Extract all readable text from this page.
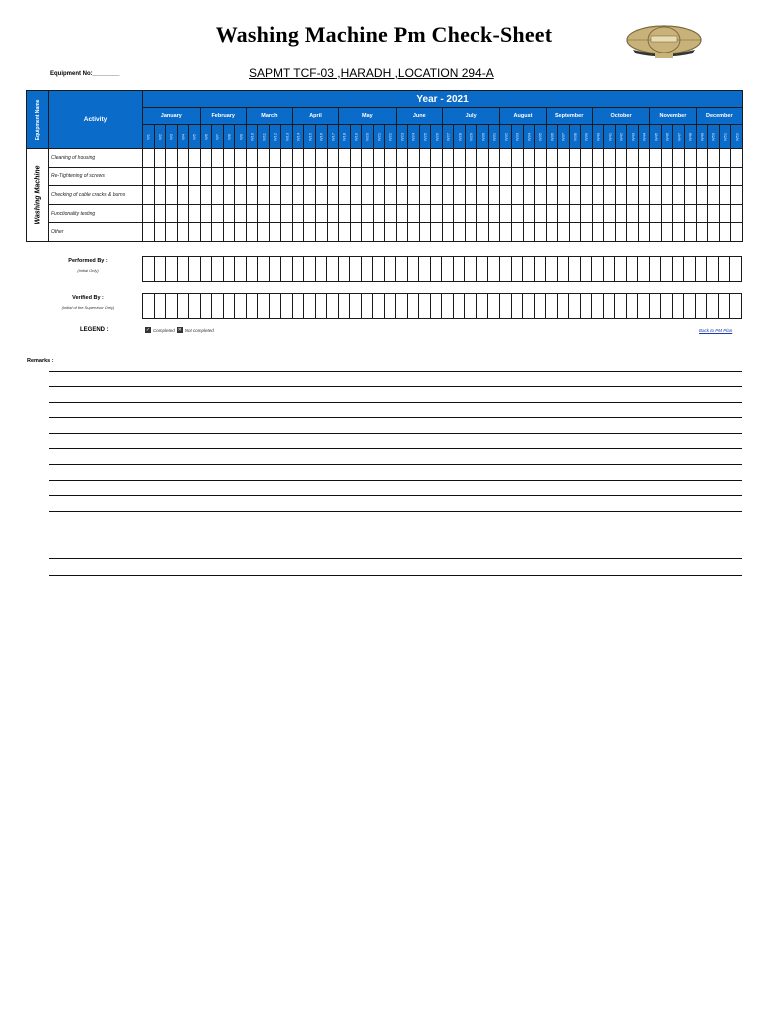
Washing Machine Pm Check-Sheet
Equipment No:________	SAPMT TCF-03 ,HARADH ,LOCATION 294-A
Equipment Name	Activity	Year - 2021																																																			
		January					February				March				April				May					June				July					August				September				October					November				December			

		W1	W2	W3	W4	W5	W6	W7	W8	W9	W10	W11	W12	W13	W14	W15	W16	W17	W18	W19	W20	W21	W22	W23	W24	W25	W26	W27	W28	W29	W30	W31	W32	W33	W34	W35	W36	W37	W38	W39	W40	W41	W42	W43	W44	W45	W46	W47	W48	W49	W50	W51	W52

Washing Machine	Cleaning of housing																																																				
	Re-Tightening of screws																																																				
	Checking of cable cracks & burns																																																				
	Functionality testing																																																				
	Other																																																				
Performed By :
(Initial Only)

Verified By :
(Initial of the Supervisor Only)

LEGEND :	✓ Completed ✕ Not completed	Back to PM Plan
Remarks :
